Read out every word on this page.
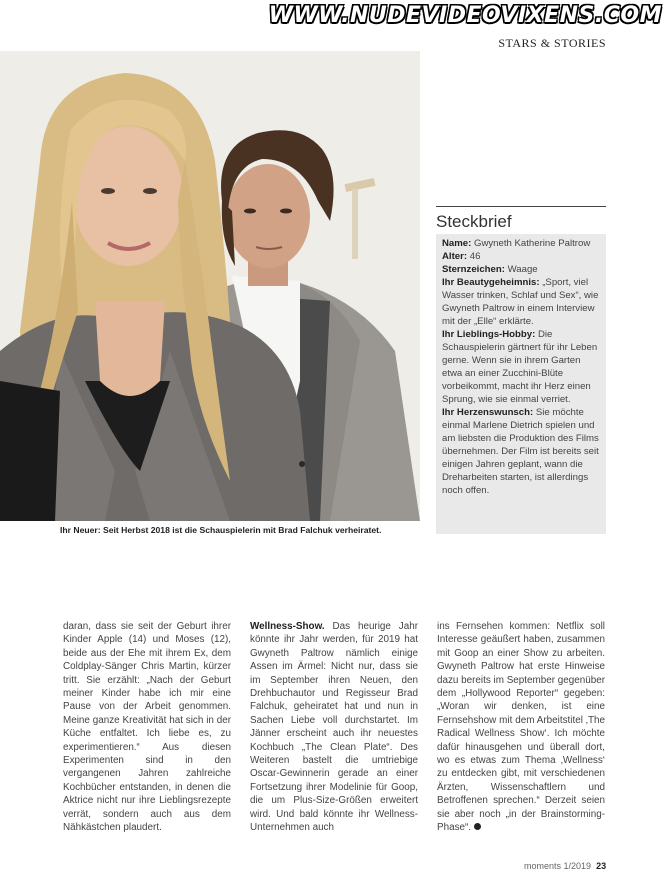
WWW.NUDEVIDEOVIXENS.COM
STARS & STORIES
Ihr Neuer: Seit Herbst 2018 ist die Schauspielerin mit Brad Falchuk verheiratet.
Steckbrief

Name: Gwyneth Katherine Paltrow

Alter: 46

Sternzeichen: Waage

Ihr Beautygeheimnis: „Sport, viel Wasser trinken, Schlaf und Sex“, wie Gwyneth Paltrow in einem Interview mit der „Elle“ erklärte.

Ihr Lieblings-Hobby: Die Schauspielerin gärtnert für ihr Leben gerne. Wenn sie in ihrem Garten etwa an einer Zucchini-Blüte vorbeikommt, macht ihr Herz einen Sprung, wie sie einmal verriet.

Ihr Herzenswunsch: Sie möchte einmal Marlene Dietrich spielen und am liebsten die Produktion des Films übernehmen. Der Film ist bereits seit einigen Jahren geplant, wann die Dreharbeiten starten, ist allerdings noch offen.

daran, dass sie seit der Geburt ihrer Kinder Apple (14) und Moses (12), beide aus der Ehe mit ihrem Ex, dem Coldplay-Sänger Chris Martin, kürzer tritt. Sie erzählt: „Nach der Geburt meiner Kinder habe ich mir eine Pause von der Arbeit genommen. Meine ganze Kreativität hat sich in der Küche entfaltet. Ich liebe es, zu experimentieren.“ Aus diesen Experimenten sind in den vergangenen Jahren zahlreiche Kochbücher entstanden, in denen die Aktrice nicht nur ihre Lieblingsrezepte verrät, sondern auch aus dem Nähkästchen plaudert.

Wellness-Show. Das heurige Jahr könnte ihr Jahr werden, für 2019 hat Gwyneth Paltrow nämlich einige Assen im Ärmel: Nicht nur, dass sie im September ihren Neuen, den Drehbuchautor und Regisseur Brad Falchuk, geheiratet hat und nun in Sachen Liebe voll durchstartet. Im Jänner erscheint auch ihr neuestes Kochbuch „The Clean Plate“. Des Weiteren bastelt die umtriebige Oscar-Gewinnerin gerade an einer Fortsetzung ihrer Modelinie für Goop, die um Plus-Size-Größen erweitert wird. Und bald könnte ihr Wellness-Unternehmen auch

ins Fernsehen kommen: Netflix soll Interesse geäußert haben, zusammen mit Goop an einer Show zu arbeiten. Gwyneth Paltrow hat erste Hinweise dazu bereits im September gegenüber dem „Hollywood Reporter“ gegeben: „Woran wir denken, ist eine Fernsehshow mit dem Arbeitstitel ‚The Radical Wellness Show‘. Ich möchte dafür hinausgehen und überall dort, wo es etwas zum Thema ‚Wellness‘ zu entdecken gibt, mit verschiedenen Ärzten, Wissenschaftlern und Betroffenen sprechen.“ Derzeit seien sie aber noch „in der Brainstorming-Phase“.

moments 1/2019 23
